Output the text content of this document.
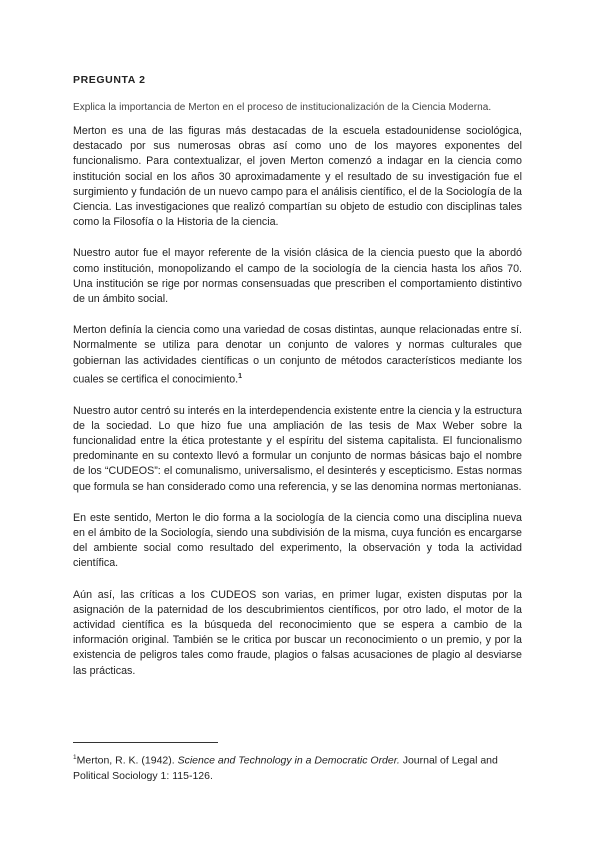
PREGUNTA 2
Explica la importancia de Merton en el proceso de institucionalización de la Ciencia Moderna.

Merton es una de las figuras más destacadas de la escuela estadounidense sociológica, destacado por sus numerosas obras así como uno de los mayores exponentes del funcionalismo. Para contextualizar, el joven Merton comenzó a indagar en la ciencia como institución social en los años 30 aproximadamente y el resultado de su investigación fue el surgimiento y fundación de un nuevo campo para el análisis científico, el de la Sociología de la Ciencia. Las investigaciones que realizó compartían su objeto de estudio con disciplinas tales como la Filosofía o la Historia de la ciencia.

Nuestro autor fue el mayor referente de la visión clásica de la ciencia puesto que la abordó como institución, monopolizando el campo de la sociología de la ciencia hasta los años 70. Una institución se rige por normas consensuadas que prescriben el comportamiento distintivo de un ámbito social.

Merton definía la ciencia como una variedad de cosas distintas, aunque relacionadas entre sí. Normalmente se utiliza para denotar un conjunto de valores y normas culturales que gobiernan las actividades científicas o un conjunto de métodos característicos mediante los cuales se certifica el conocimiento.$^1$

Nuestro autor centró su interés en la interdependencia existente entre la ciencia y la estructura de la sociedad. Lo que hizo fue una ampliación de las tesis de Max Weber sobre la funcionalidad entre la ética protestante y el espíritu del sistema capitalista. El funcionalismo predominante en su contexto llevó a formular un conjunto de normas básicas bajo el nombre de los “CUDEOS”: el comunalismo, universalismo, el desinterés y escepticismo. Estas normas que formula se han considerado como una referencia, y se las denomina normas mertonianas.

En este sentido, Merton le dio forma a la sociología de la ciencia como una disciplina nueva en el ámbito de la Sociología, siendo una subdivisión de la misma, cuya función es encargarse del ambiente social como resultado del experimento, la observación y toda la actividad científica.

Aún así, las críticas a los CUDEOS son varias, en primer lugar, existen disputas por la asignación de la paternidad de los descubrimientos científicos, por otro lado, el motor de la actividad científica es la búsqueda del reconocimiento que se espera a cambio de la información original. También se le critica por buscar un reconocimiento o un premio, y por la existencia de peligros tales como fraude, plagios o falsas acusaciones de plagio al desviarse las prácticas.

$^1$Merton, R. K. (1942). Science and Technology in a Democratic Order. Journal of Legal and Political Sociology 1: 115-126.
